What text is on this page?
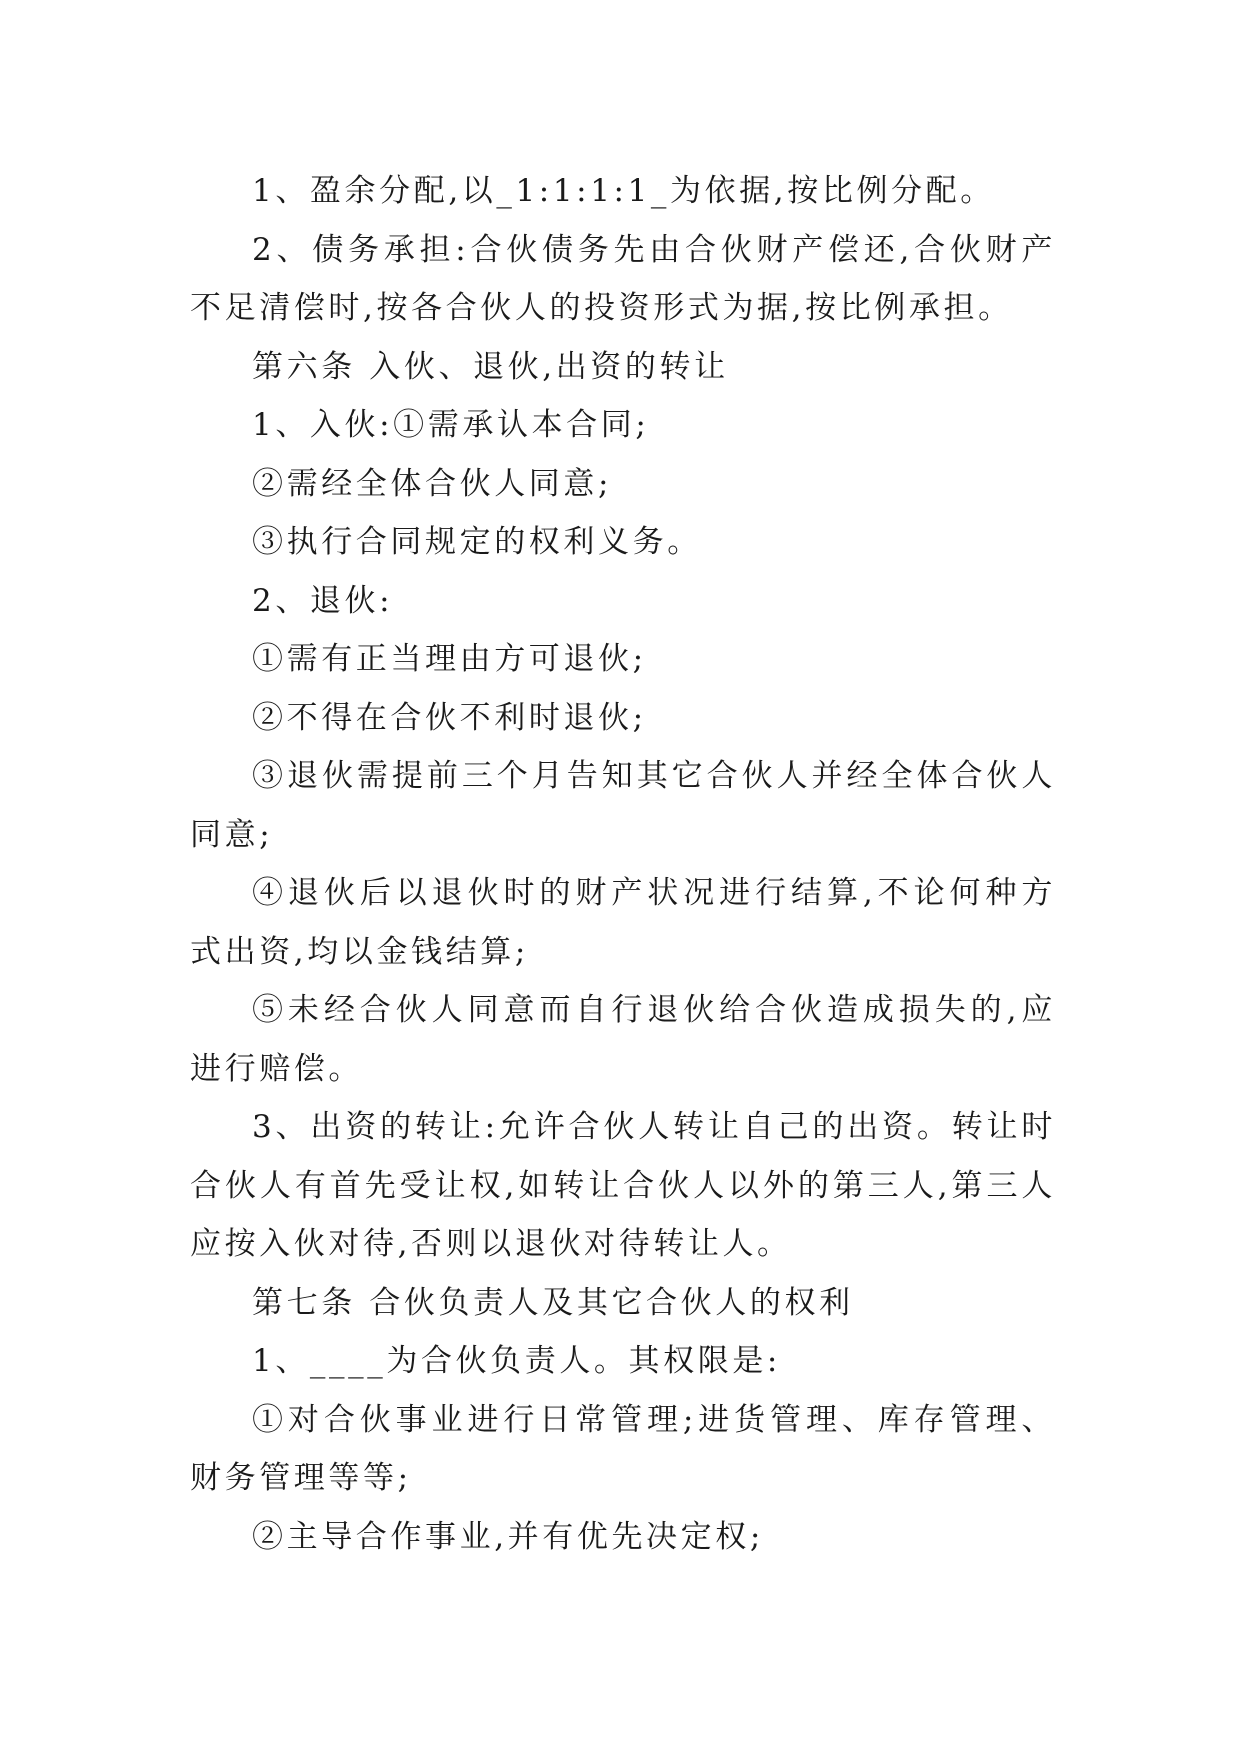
1、盈余分配,以_1:1:1:1_为依据,按比例分配。

2、债务承担:合伙债务先由合伙财产偿还,合伙财产不足清偿时,按各合伙人的投资形式为据,按比例承担。

第六条 入伙、退伙,出资的转让

1、入伙:①需承认本合同;

②需经全体合伙人同意;

③执行合同规定的权利义务。

2、退伙:

①需有正当理由方可退伙;

②不得在合伙不利时退伙;

③退伙需提前三个月告知其它合伙人并经全体合伙人同意;

④退伙后以退伙时的财产状况进行结算,不论何种方式出资,均以金钱结算;

⑤未经合伙人同意而自行退伙给合伙造成损失的,应进行赔偿。

3、出资的转让:允许合伙人转让自己的出资。转让时合伙人有首先受让权,如转让合伙人以外的第三人,第三人应按入伙对待,否则以退伙对待转让人。

第七条 合伙负责人及其它合伙人的权利

1、____为合伙负责人。其权限是:

①对合伙事业进行日常管理;进货管理、库存管理、财务管理等等;

②主导合作事业,并有优先决定权;
